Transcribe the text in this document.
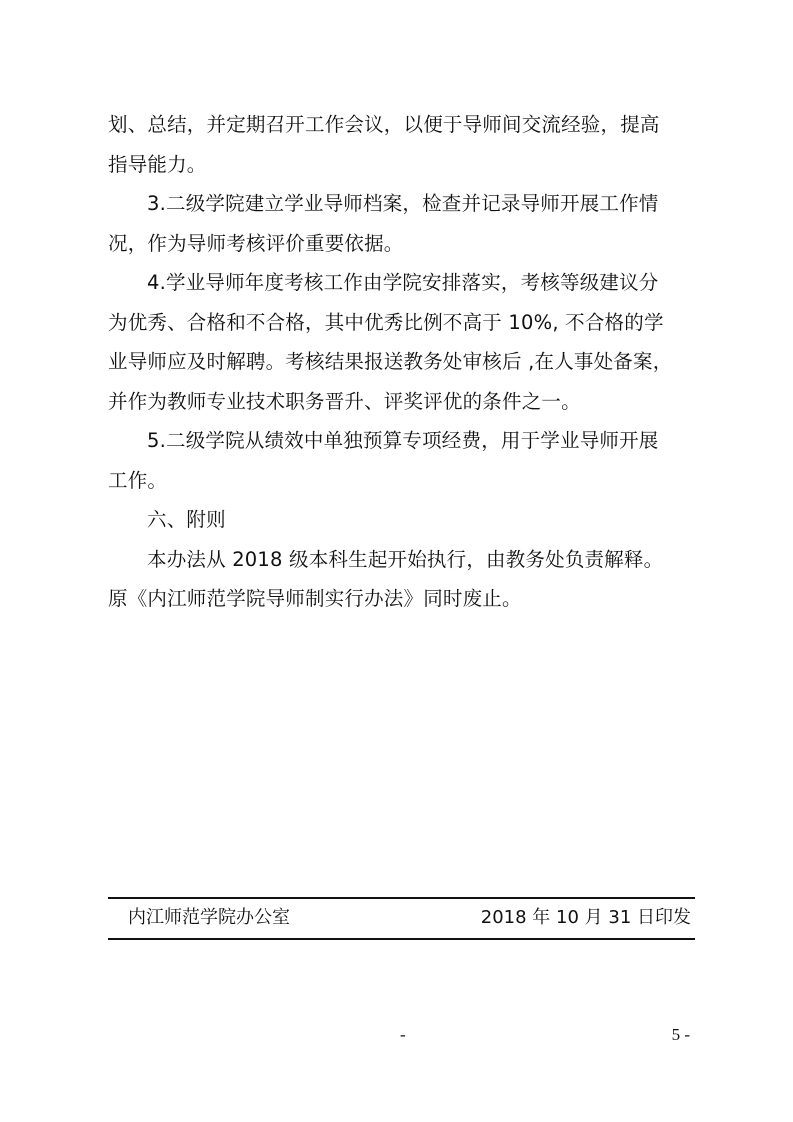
划、总结，并定期召开工作会议，以便于导师间交流经验，提高
指导能力。
3.二级学院建立学业导师档案，检查并记录导师开展工作情
况，作为导师考核评价重要依据。
4.学业导师年度考核工作由学院安排落实，考核等级建议分
为优秀、合格和不合格，其中优秀比例不高于 10%, 不合格的学
业导师应及时解聘。考核结果报送教务处审核后 ,在人事处备案，
并作为教师专业技术职务晋升、评奖评优的条件之一。
5.二级学院从绩效中单独预算专项经费，用于学业导师开展
工作。
六、附则
本办法从 2018 级本科生起开始执行，由教务处负责解释。
原《内江师范学院导师制实行办法》同时废止。
内江师范学院办公室	2018 年 10 月 31 日印发
-	5 -
